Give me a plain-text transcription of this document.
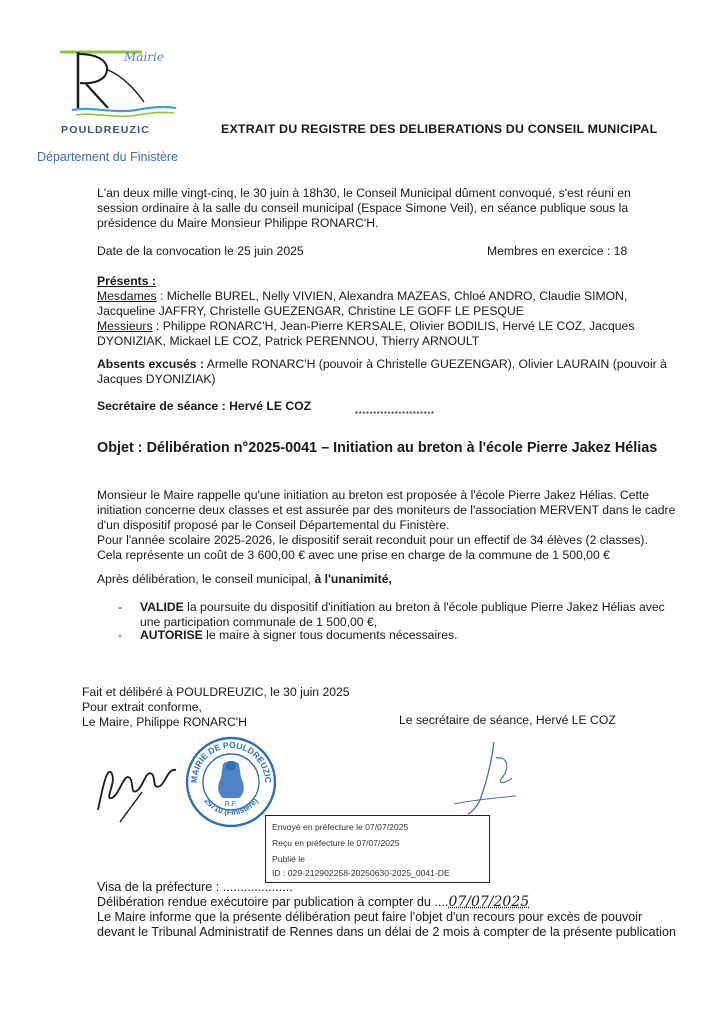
Mairie
POULDREUZIC
Département du Finistère
EXTRAIT DU REGISTRE DES DELIBERATIONS DU CONSEIL MUNICIPAL
L'an deux mille vingt-cinq, le 30 juin à 18h30, le Conseil Municipal dûment convoqué, s'est réuni en
session ordinaire à la salle du conseil municipal (Espace Simone Veil), en séance publique sous la
présidence du Maire Monsieur Philippe RONARC'H.
Date de la convocation le 25 juin 2025	Membres en exercice : 18
Présents :
Mesdames : Michelle BUREL, Nelly VIVIEN, Alexandra MAZEAS, Chloé ANDRO, Claudie SIMON,
Jacqueline JAFFRY, Christelle GUEZENGAR, Christine LE GOFF LE PESQUE
Messieurs : Philippe RONARC'H, Jean-Pierre KERSALE, Olivier BODILIS, Hervé LE COZ, Jacques
DYONIZIAK, Mickael LE COZ, Patrick PERENNOU, Thierry ARNOULT
Absents excusés : Armelle RONARC'H (pouvoir à Christelle GUEZENGAR), Olivier LAURAIN (pouvoir à
Jacques DYONIZIAK)
Secrétaire de séance : Hervé LE COZ
**********************
Objet : Délibération n°2025-0041 – Initiation au breton à l'école Pierre Jakez Hélias
Monsieur le Maire rappelle qu'une initiation au breton est proposée à l'école Pierre Jakez Hélias. Cette
initiation concerne deux classes et est assurée par des moniteurs de l'association MERVENT dans le cadre
d'un dispositif proposé par le Conseil Départemental du Finistère.
Pour l'année scolaire 2025-2026, le dispositif serait reconduit pour un effectif de 34 élèves (2 classes).
Cela représente un coût de 3 600,00 € avec une prise en charge de la commune de 1 500,00 €
Après délibération, le conseil municipal, à l'unanimité,
- VALIDE la poursuite du dispositif d'initiation au breton à l'école publique Pierre Jakez Hélias avec
une participation communale de 1 500,00 €,
- AUTORISE le maire à signer tous documents nécessaires.
Fait et délibéré à POULDREUZIC, le 30 juin 2025
Pour extrait conforme,
Le Maire, Philippe RONARC'H	Le secrétaire de séance, Hervé LE COZ
MAIRIE DE POULDREUZIC
29710 (Finistère)
R.F.
Envoyé en préfecture le 07/07/2025
Reçu en préfecture le 07/07/2025
Publié le
ID : 029-212902258-20250630-2025_0041-DE
Visa de la préfecture : ....................
Délibération rendue exécutoire par publication à compter du ....07/07/2025
Le Maire informe que la présente délibération peut faire l'objet d'un recours pour excès de pouvoir
devant le Tribunal Administratif de Rennes dans un délai de 2 mois à compter de la présente publication
